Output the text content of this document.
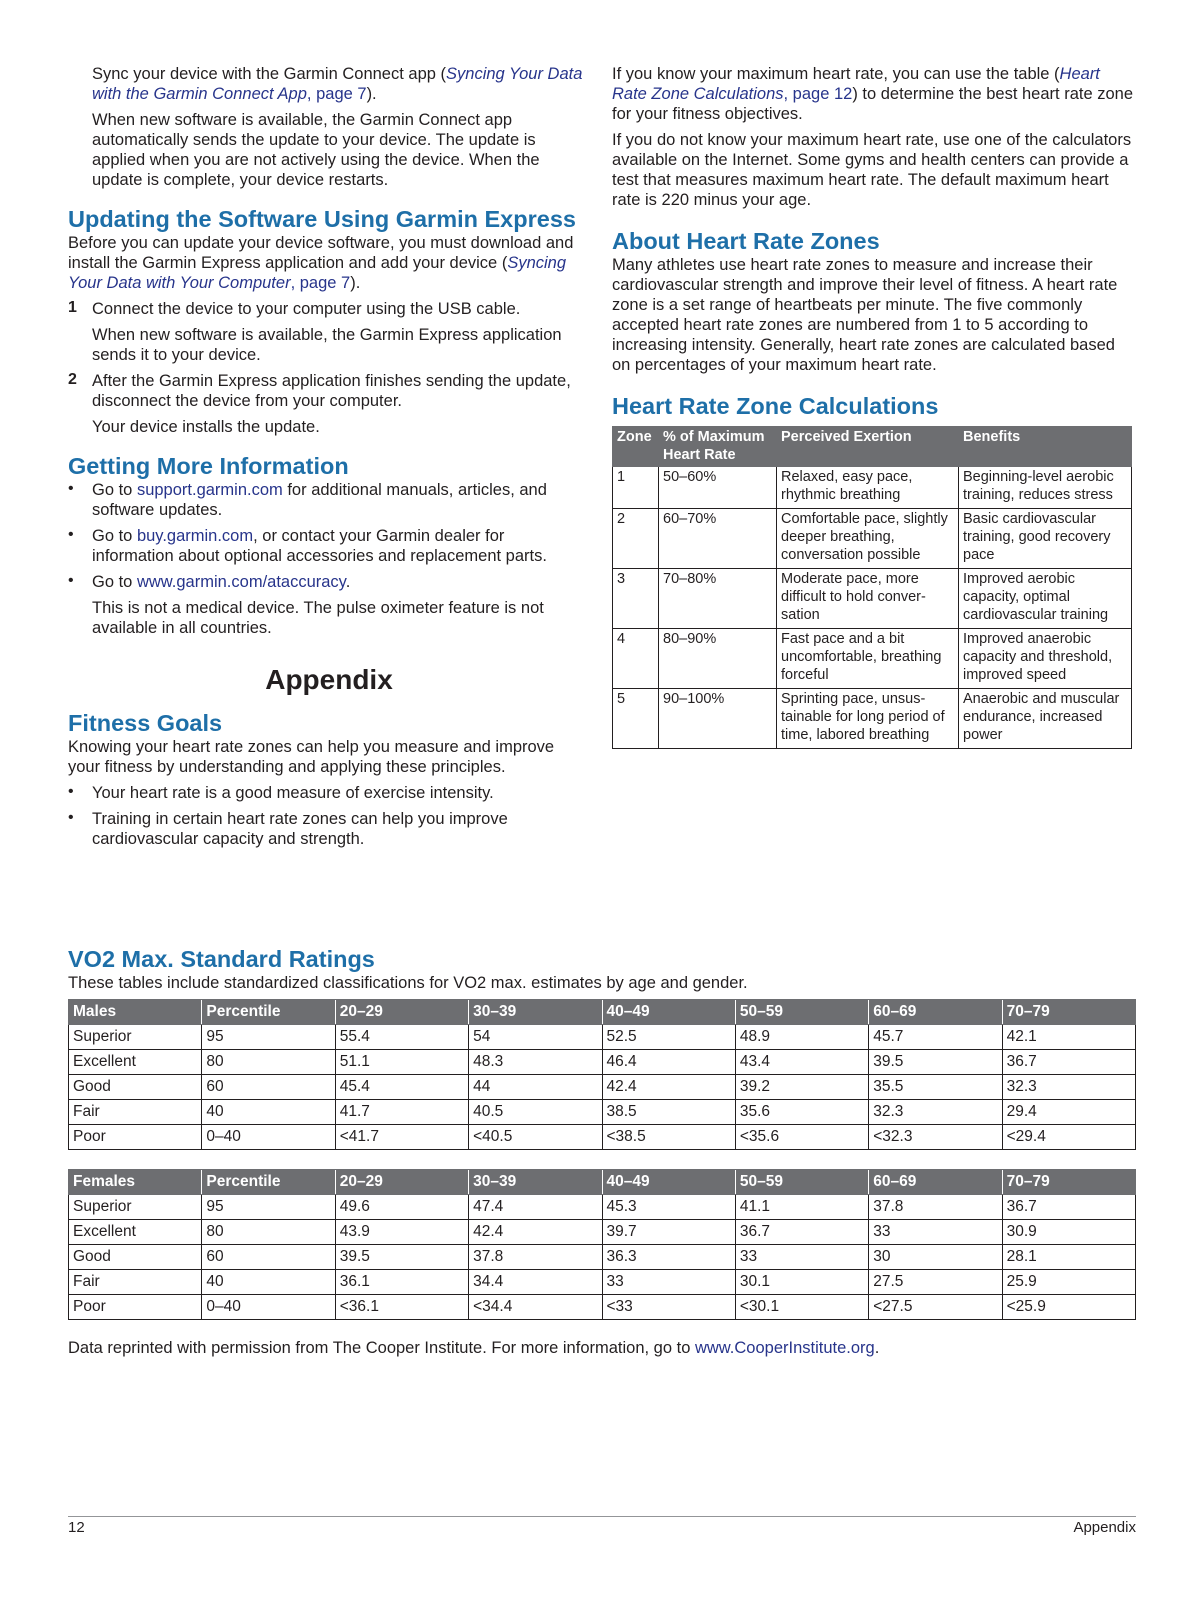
Sync your device with the Garmin Connect app (Syncing Your Data with the Garmin Connect App, page 7).

When new software is available, the Garmin Connect app automatically sends the update to your device. The update is applied when you are not actively using the device. When the update is complete, your device restarts.

Updating the Software Using Garmin Express

Before you can update your device software, you must download and install the Garmin Express application and add your device (Syncing Your Data with Your Computer, page 7).

1 Connect the device to your computer using the USB cable.

When new software is available, the Garmin Express application sends it to your device.

2 After the Garmin Express application finishes sending the update, disconnect the device from your computer.

Your device installs the update.

Getting More Information
• Go to support.garmin.com for additional manuals, articles, and software updates.

• Go to buy.garmin.com, or contact your Garmin dealer for information about optional accessories and replacement parts.

• Go to www.garmin.com/ataccuracy.

This is not a medical device. The pulse oximeter feature is not available in all countries.

Appendix
Fitness Goals

Knowing your heart rate zones can help you measure and improve your fitness by understanding and applying these principles.

• Your heart rate is a good measure of exercise intensity.

• Training in certain heart rate zones can help you improve cardiovascular capacity and strength.

If you know your maximum heart rate, you can use the table (Heart Rate Zone Calculations, page 12) to determine the best heart rate zone for your fitness objectives.

If you do not know your maximum heart rate, use one of the calculators available on the Internet. Some gyms and health centers can provide a test that measures maximum heart rate. The default maximum heart rate is 220 minus your age.

About Heart Rate Zones

Many athletes use heart rate zones to measure and increase their cardiovascular strength and improve their level of fitness. A heart rate zone is a set range of heartbeats per minute. The five commonly accepted heart rate zones are numbered from 1 to 5 according to increasing intensity. Generally, heart rate zones are calculated based on percentages of your maximum heart rate.

Heart Rate Zone Calculations
Zone	% of Maximum Heart Rate	Perceived Exertion	Benefits
1	50–60%	Relaxed, easy pace, rhythmic breathing	Beginning-level aerobic training, reduces stress
2	60–70%	Comfortable pace, slightly deeper breathing, conversation possible	Basic cardiovascular training, good recovery pace
3	70–80%	Moderate pace, more difficult to hold conver-sation	Improved aerobic capacity, optimal cardiovascular training
4	80–90%	Fast pace and a bit uncomfortable, breathing forceful	Improved anaerobic capacity and threshold, improved speed
5	90–100%	Sprinting pace, unsus-tainable for long period of time, labored breathing	Anaerobic and muscular endurance, increased power
VO2 Max. Standard Ratings

These tables include standardized classifications for VO2 max. estimates by age and gender.

Males	Percentile	20–29	30–39	40–49	50–59	60–69	70–79
Superior	95	55.4	54	52.5	48.9	45.7	42.1
Excellent	80	51.1	48.3	46.4	43.4	39.5	36.7
Good	60	45.4	44	42.4	39.2	35.5	32.3
Fair	40	41.7	40.5	38.5	35.6	32.3	29.4
Poor	0–40	<41.7	<40.5	<38.5	<35.6	<32.3	<29.4
Females	Percentile	20–29	30–39	40–49	50–59	60–69	70–79
Superior	95	49.6	47.4	45.3	41.1	37.8	36.7
Excellent	80	43.9	42.4	39.7	36.7	33	30.9
Good	60	39.5	37.8	36.3	33	30	28.1
Fair	40	36.1	34.4	33	30.1	27.5	25.9
Poor	0–40	<36.1	<34.4	<33	<30.1	<27.5	<25.9

Data reprinted with permission from The Cooper Institute. For more information, go to www.CooperInstitute.org.

12	Appendix
